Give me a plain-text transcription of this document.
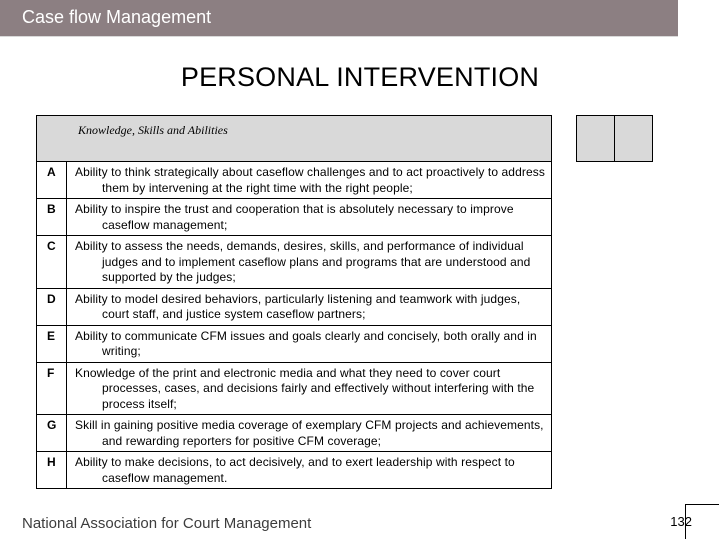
Case flow Management
PERSONAL INTERVENTION
Knowledge, Skills and Abilities				
A	Ability to think strategically about caseflow challenges and to act proactively to address them by intervening at the right time with the right people;			

B	Ability to inspire the trust and cooperation that is absolutely necessary to improve caseflow management;			

C	Ability to assess the needs, demands, desires, skills, and performance of individual judges and to implement caseflow plans and programs that are understood and supported by the judges;			

D	Ability to model desired behaviors, particularly listening and teamwork with judges, court staff, and justice system caseflow partners;			

E	Ability to communicate CFM issues and goals clearly and concisely, both orally and in writing;			

F	Knowledge of the print and electronic media and what they need to cover court processes, cases, and decisions fairly and effectively without interfering with the process itself;			

G	Skill in gaining positive media coverage of exemplary CFM projects and achievements, and rewarding reporters for positive CFM coverage;			

H	Ability to make decisions, to act decisively, and to exert leadership with respect to caseflow management.			
National Association for Court Management	132
